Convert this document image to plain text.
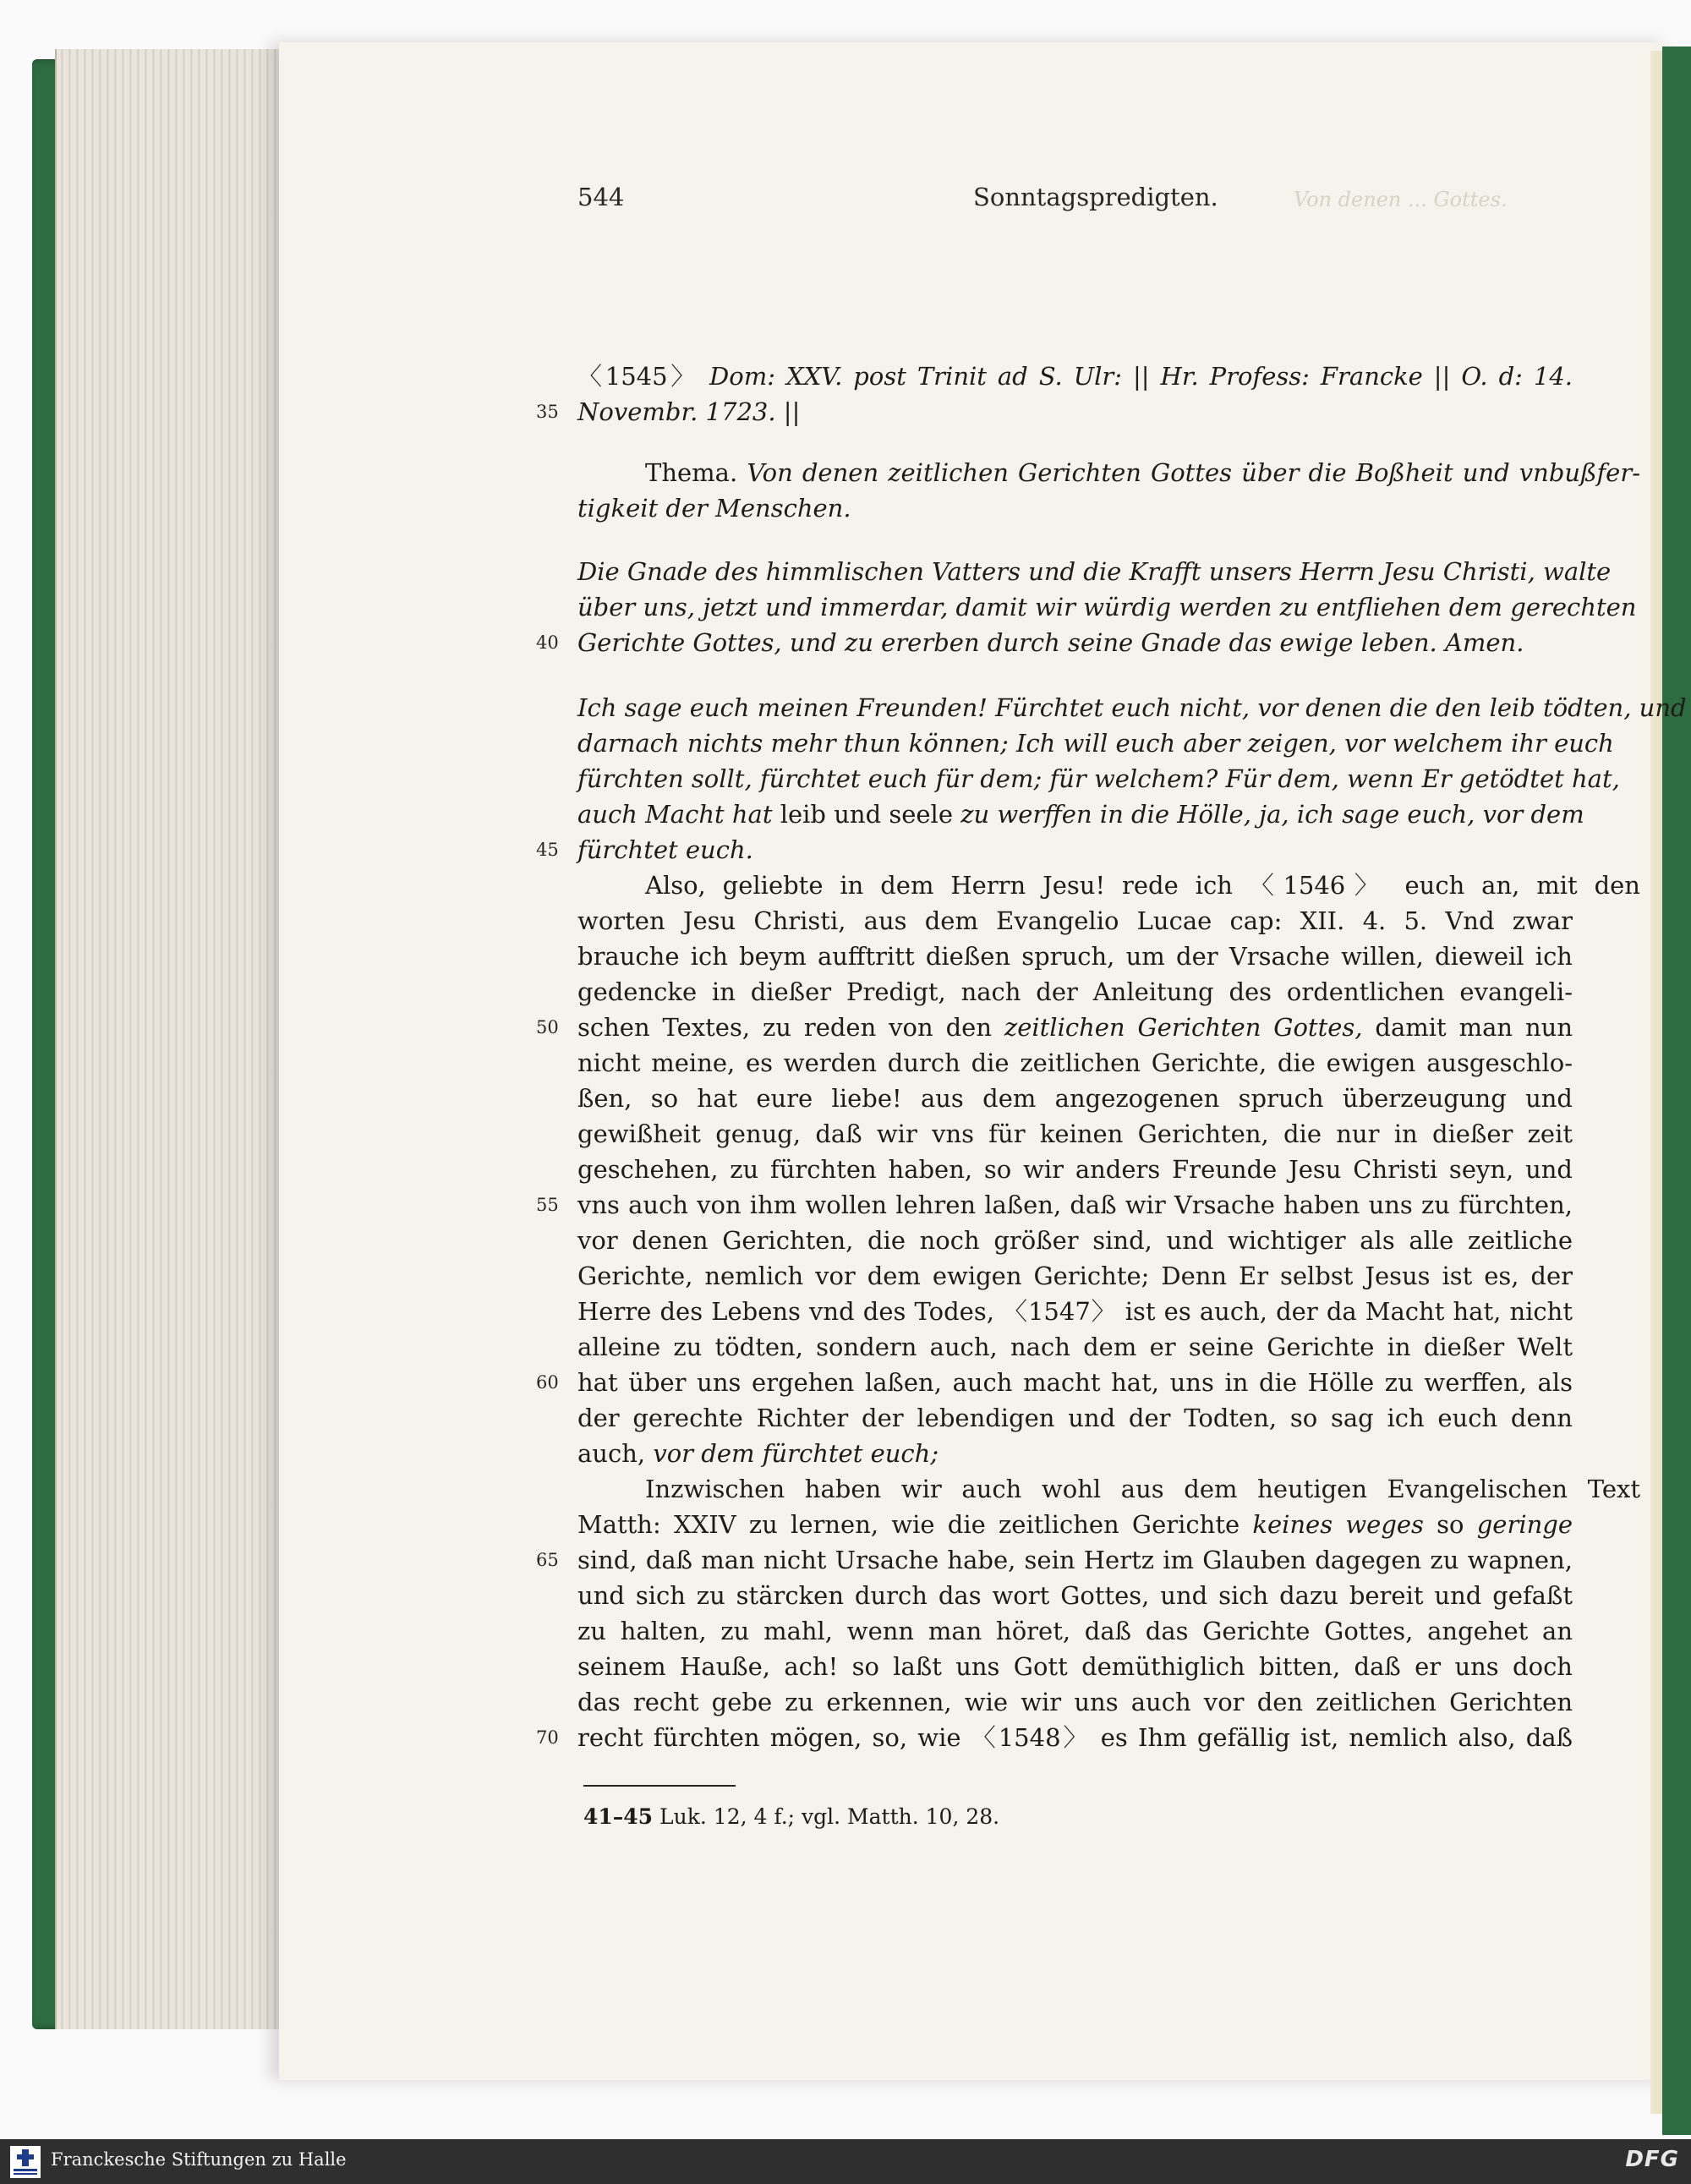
Von denen ... Gottes.
544	Sonntagspredigten.
〈1545〉 Dom: XXV. post Trinit ad S. Ulr: || Hr. Profess: Francke || O. d: 14.
Novembr. 1723. ||
35
Thema. Von denen zeitlichen Gerichten Gottes über die Boßheit und vnbußfer-
tigkeit der Menschen.
Die Gnade des himmlischen Vatters und die Krafft unsers Herrn Jesu Christi, walte
über uns, jetzt und immerdar, damit wir würdig werden zu entfliehen dem gerechten
Gerichte Gottes, und zu ererben durch seine Gnade das ewige leben. Amen.
40
Ich sage euch meinen Freunden! Fürchtet euch nicht, vor denen die den leib tödten, und
darnach nichts mehr thun können; Ich will euch aber zeigen, vor welchem ihr euch
fürchten sollt, fürchtet euch für dem; für welchem? Für dem, wenn Er getödtet hat,
auch Macht hat leib und seele zu werffen in die Hölle, ja, ich sage euch, vor dem
fürchtet euch.
45
Also, geliebte in dem Herrn Jesu! rede ich 〈1546〉 euch an, mit den
worten Jesu Christi, aus dem Evangelio Lucae cap: XII. 4. 5. Vnd zwar
brauche ich beym aufftritt dießen spruch, um der Vrsache willen, dieweil ich
gedencke in dießer Predigt, nach der Anleitung des ordentlichen evangeli-
schen Textes, zu reden von den zeitlichen Gerichten Gottes, damit man nun
50
nicht meine, es werden durch die zeitlichen Gerichte, die ewigen ausgeschlo-
ßen, so hat eure liebe! aus dem angezogenen spruch überzeugung und
gewißheit genug, daß wir vns für keinen Gerichten, die nur in dießer zeit
geschehen, zu fürchten haben, so wir anders Freunde Jesu Christi seyn, und
vns auch von ihm wollen lehren laßen, daß wir Vrsache haben uns zu fürchten,
55
vor denen Gerichten, die noch größer sind, und wichtiger als alle zeitliche
Gerichte, nemlich vor dem ewigen Gerichte; Denn Er selbst Jesus ist es, der
Herre des Lebens vnd des Todes, 〈1547〉 ist es auch, der da Macht hat, nicht
alleine zu tödten, sondern auch, nach dem er seine Gerichte in dießer Welt
hat über uns ergehen laßen, auch macht hat, uns in die Hölle zu werffen, als
60
der gerechte Richter der lebendigen und der Todten, so sag ich euch denn
auch, vor dem fürchtet euch;
Inzwischen haben wir auch wohl aus dem heutigen Evangelischen Text
Matth: XXIV zu lernen, wie die zeitlichen Gerichte keines weges so geringe
sind, daß man nicht Ursache habe, sein Hertz im Glauben dagegen zu wapnen,
65
und sich zu stärcken durch das wort Gottes, und sich dazu bereit und gefaßt
zu halten, zu mahl, wenn man höret, daß das Gerichte Gottes, angehet an
seinem Hauße, ach! so laßt uns Gott demüthiglich bitten, daß er uns doch
das recht gebe zu erkennen, wie wir uns auch vor den zeitlichen Gerichten
recht fürchten mögen, so, wie 〈1548〉 es Ihm gefällig ist, nemlich also, daß
70
41–45 Luk. 12, 4 f.; vgl. Matth. 10, 28.
Franckesche Stiftungen zu Halle	DFG
